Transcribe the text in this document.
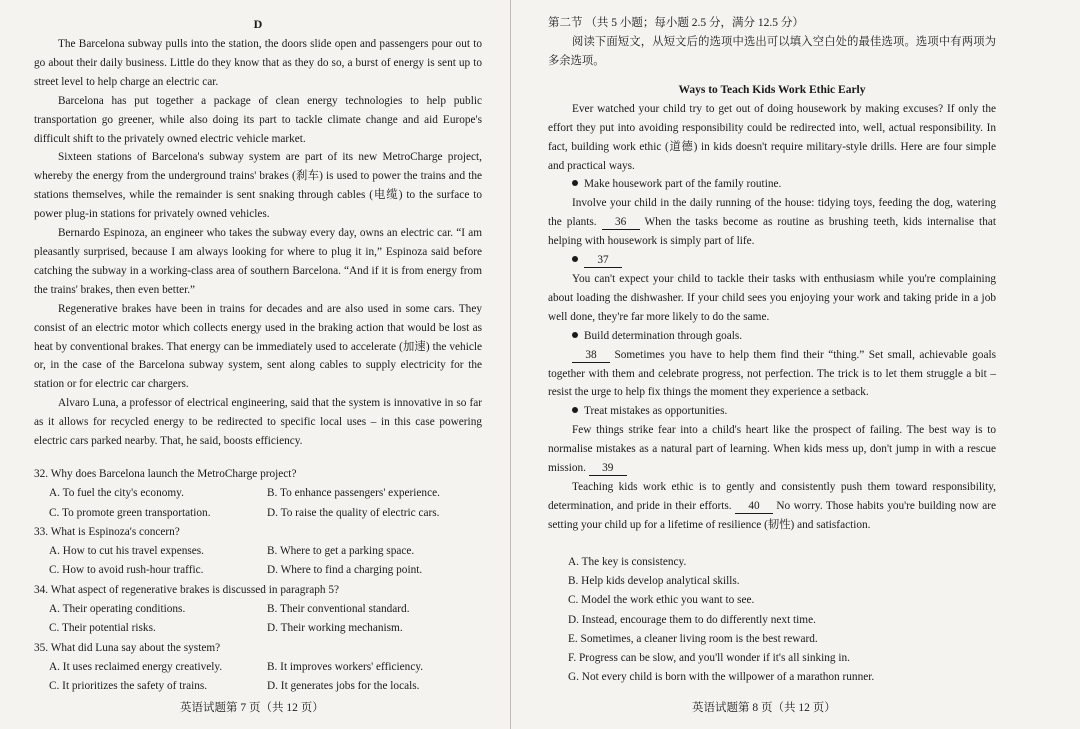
D

The Barcelona subway pulls into the station, the doors slide open and passengers pour out to go about their daily business. Little do they know that as they do so, a burst of energy is sent up to street level to help charge an electric car.

Barcelona has put together a package of clean energy technologies to help public transportation go greener, while also doing its part to tackle climate change and aid Europe's difficult shift to the privately owned electric vehicle market.

Sixteen stations of Barcelona's subway system are part of its new MetroCharge project, whereby the energy from the underground trains' brakes (刹车) is used to power the trains and the stations themselves, while the remainder is sent snaking through cables (电缆) to the surface to power plug-in stations for privately owned vehicles.

Bernardo Espinoza, an engineer who takes the subway every day, owns an electric car. “I am pleasantly surprised, because I am always looking for where to plug it in,” Espinoza said before catching the subway in a working-class area of southern Barcelona. “And if it is from energy from the trains' brakes, then even better.”

Regenerative brakes have been in trains for decades and are also used in some cars. They consist of an electric motor which collects energy used in the braking action that would be lost as heat by conventional brakes. That energy can be immediately used to accelerate (加速) the vehicle or, in the case of the Barcelona subway system, sent along cables to supply electricity for the station or for electric car chargers.

Alvaro Luna, a professor of electrical engineering, said that the system is innovative in so far as it allows for recycled energy to be redirected to specific local uses – in this case powering electric cars parked nearby. That, he said, boosts efficiency.

32. Why does Barcelona launch the MetroCharge project?
A. To fuel the city's economy.	B. To enhance passengers' experience.
C. To promote green transportation.	D. To raise the quality of electric cars.
33. What is Espinoza's concern?
A. How to cut his travel expenses.	B. Where to get a parking space.
C. How to avoid rush-hour traffic.	D. Where to find a charging point.
34. What aspect of regenerative brakes is discussed in paragraph 5?
A. Their operating conditions.	B. Their conventional standard.
C. Their potential risks.	D. Their working mechanism.
35. What did Luna say about the system?
A. It uses reclaimed energy creatively.	B. It improves workers' efficiency.
C. It prioritizes the safety of trains.	D. It generates jobs for the locals.
英语试题第 7 页（共 12 页）
第二节 （共 5 小题；每小题 2.5 分，满分 12.5 分）

阅读下面短文，从短文后的选项中选出可以填入空白处的最佳选项。选项中有两项为多余选项。

Ways to Teach Kids Work Ethic Early

Ever watched your child try to get out of doing housework by making excuses? If only the effort they put into avoiding responsibility could be redirected into, well, actual responsibility. In fact, building work ethic (道德) in kids doesn't require military-style drills. Here are four simple and practical ways.

Make housework part of the family routine.

Involve your child in the daily running of the house: tidying toys, feeding the dog, watering the plants. 36 When the tasks become as routine as brushing teeth, kids internalise that helping with housework is simply part of life.

37

You can't expect your child to tackle their tasks with enthusiasm while you're complaining about loading the dishwasher. If your child sees you enjoying your work and taking pride in a job well done, they're far more likely to do the same.

Build determination through goals.

38 Sometimes you have to help them find their “thing.” Set small, achievable goals together with them and celebrate progress, not perfection. The trick is to let them struggle a bit – resist the urge to help fix things the moment they experience a setback.

Treat mistakes as opportunities.

Few things strike fear into a child's heart like the prospect of failing. The best way is to normalise mistakes as a natural part of learning. When kids mess up, don't jump in with a rescue mission. 39

Teaching kids work ethic is to gently and consistently push them toward responsibility, determination, and pride in their efforts. 40 No worry. Those habits you're building now are setting your child up for a lifetime of resilience (韧性) and satisfaction.

A. The key is consistency.
B. Help kids develop analytical skills.
C. Model the work ethic you want to see.
D. Instead, encourage them to do differently next time.
E. Sometimes, a cleaner living room is the best reward.
F. Progress can be slow, and you'll wonder if it's all sinking in.
G. Not every child is born with the willpower of a marathon runner.
英语试题第 8 页（共 12 页）
